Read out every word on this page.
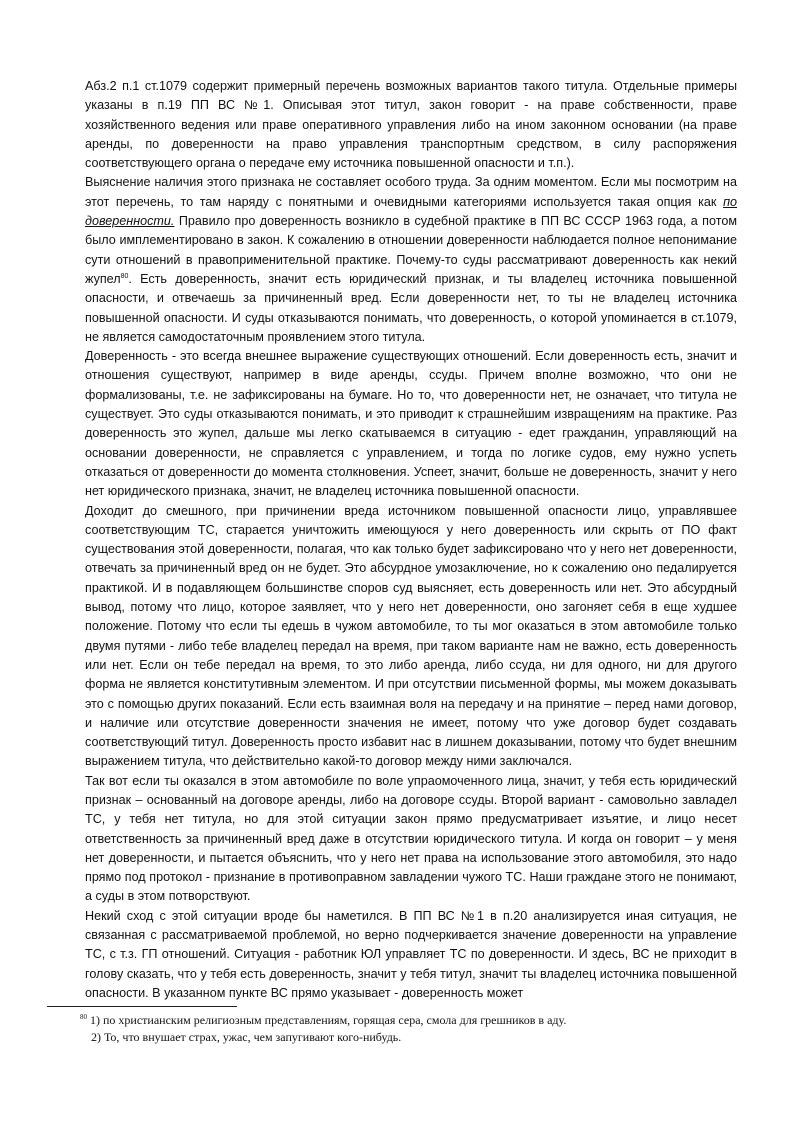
Абз.2 п.1 ст.1079 содержит примерный перечень возможных вариантов такого титула. Отдельные примеры указаны в п.19 ПП ВС №1. Описывая этот титул, закон говорит - на праве собственности, праве хозяйственного ведения или праве оперативного управления либо на ином законном основании (на праве аренды, по доверенности на право управления транспортным средством, в силу распоряжения соответствующего органа о передаче ему источника повышенной опасности и т.п.).

Выяснение наличия этого признака не составляет особого труда. За одним моментом. Если мы посмотрим на этот перечень, то там наряду с понятными и очевидными категориями используется такая опция как по доверенности. Правило про доверенность возникло в судебной практике в ПП ВС СССР 1963 года, а потом было имплементировано в закон. К сожалению в отношении доверенности наблюдается полное непонимание сути отношений в правоприменительной практике. Почему-то суды рассматривают доверенность как некий жупел$^{80}$. Есть доверенность, значит есть юридический признак, и ты владелец источника повышенной опасности, и отвечаешь за причиненный вред. Если доверенности нет, то ты не владелец источника повышенной опасности. И суды отказываются понимать, что доверенность, о которой упоминается в ст.1079, не является самодостаточным проявлением этого титула.

Доверенность - это всегда внешнее выражение существующих отношений. Если доверенность есть, значит и отношения существуют, например в виде аренды, ссуды. Причем вполне возможно, что они не формализованы, т.е. не зафиксированы на бумаге. Но то, что доверенности нет, не означает, что титула не существует. Это суды отказываются понимать, и это приводит к страшнейшим извращениям на практике. Раз доверенность это жупел, дальше мы легко скатываемся в ситуацию - едет гражданин, управляющий на основании доверенности, не справляется с управлением, и тогда по логике судов, ему нужно успеть отказаться от доверенности до момента столкновения. Успеет, значит, больше не доверенность, значит у него нет юридического признака, значит, не владелец источника повышенной опасности.

Доходит до смешного, при причинении вреда источником повышенной опасности лицо, управлявшее соответствующим ТС, старается уничтожить имеющуюся у него доверенность или скрыть от ПО факт существования этой доверенности, полагая, что как только будет зафиксировано что у него нет доверенности, отвечать за причиненный вред он не будет. Это абсурдное умозаключение, но к сожалению оно педалируется практикой. И в подавляющем большинстве споров суд выясняет, есть доверенность или нет. Это абсурдный вывод, потому что лицо, которое заявляет, что у него нет доверенности, оно загоняет себя в еще худшее положение. Потому что если ты едешь в чужом автомобиле, то ты мог оказаться в этом автомобиле только двумя путями - либо тебе владелец передал на время, при таком варианте нам не важно, есть доверенность или нет. Если он тебе передал на время, то это либо аренда, либо ссуда, ни для одного, ни для другого форма не является конститутивным элементом. И при отсутствии письменной формы, мы можем доказывать это с помощью других показаний. Если есть взаимная воля на передачу и на принятие – перед нами договор, и наличие или отсутствие доверенности значения не имеет, потому что уже договор будет создавать соответствующий титул. Доверенность просто избавит нас в лишнем доказывании, потому что будет внешним выражением титула, что действительно какой-то договор между ними заключался.

Так вот если ты оказался в этом автомобиле по воле упраомоченного лица, значит, у тебя есть юридический признак – основанный на договоре аренды, либо на договоре ссуды. Второй вариант - самовольно завладел ТС, у тебя нет титула, но для этой ситуации закон прямо предусматривает изъятие, и лицо несет ответственность за причиненный вред даже в отсутствии юридического титула. И когда он говорит – у меня нет доверенности, и пытается объяснить, что у него нет права на использование этого автомобиля, это надо прямо под протокол - признание в противоправном завладении чужого ТС. Наши граждане этого не понимают, а суды в этом потворствуют.

Некий сход с этой ситуации вроде бы наметился. В ПП ВС №1 в п.20 анализируется иная ситуация, не связанная с рассматриваемой проблемой, но верно подчеркивается значение доверенности на управление ТС, с т.з. ГП отношений. Ситуация - работник ЮЛ управляет ТС по доверенности. И здесь, ВС не приходит в голову сказать, что у тебя есть доверенность, значит у тебя титул, значит ты владелец источника повышенной опасности. В указанном пункте ВС прямо указывает - доверенность может

$^{80}$ 1) по христианским религиозным представлениям, горящая сера, смола для грешников в аду.

2) То, что внушает страх, ужас, чем запугивают кого-нибудь.
